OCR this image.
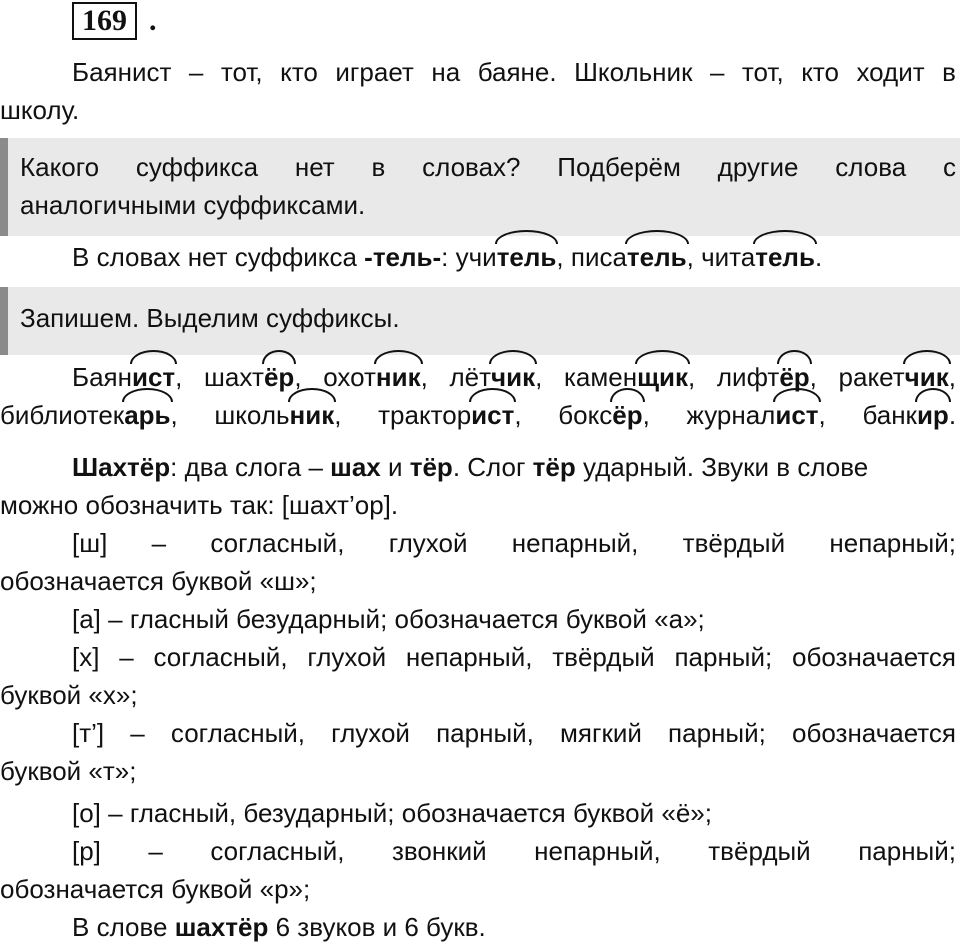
169 .
Баянист – тот, кто играет на баяне. Школьник – тот, кто ходит в
школу.
Какого суффикса нет в словах? Подберём другие слова с
аналогичными суффиксами.
В словах нет суффикса -тель-: учитель, писатель, читатель.
Запишем. Выделим суффиксы.
Баянист, шахтёр, охотник, лётчик, каменщик, лифтёр, ракетчик,
библиотекарь, школьник, тракторист, боксёр, журналист, банкир.
Шахтёр: два слога – шах и тёр. Слог тёр ударный. Звуки в слове
можно обозначить так: [шахт’ор].
[ш] – согласный, глухой непарный, твёрдый непарный;
обозначается буквой «ш»;
[а] – гласный безударный; обозначается буквой «а»;
[х] – согласный, глухой непарный, твёрдый парный; обозначается
буквой «х»;
[т’] – согласный, глухой парный, мягкий парный; обозначается
буквой «т»;
[о] – гласный, безударный; обозначается буквой «ё»;
[р] – согласный, звонкий непарный, твёрдый парный;
обозначается буквой «р»;
В слове шахтёр 6 звуков и 6 букв.
